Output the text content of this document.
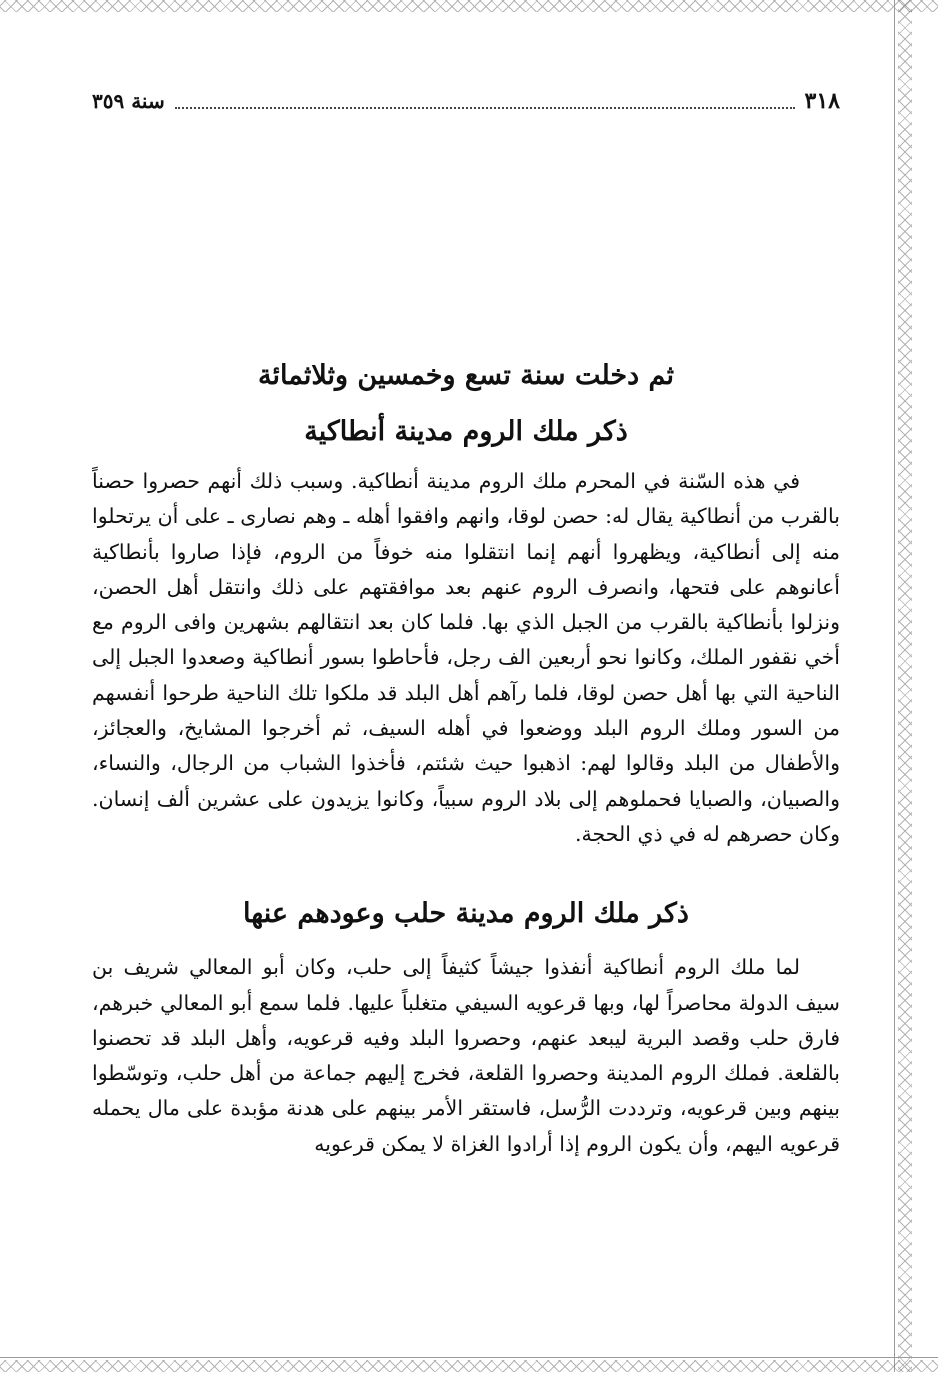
٣١٨
سنة ٣٥٩
ثم دخلت سنة تسع وخمسين وثلاثمائة
ذكر ملك الروم مدينة أنطاكية

في هذه السّنة في المحرم ملك الروم مدينة أنطاكية. وسبب ذلك أنهم حصروا حصناً بالقرب من أنطاكية يقال له: حصن لوقا، وانهم وافقوا أهله ـ وهم نصارى ـ على أن يرتحلوا منه إلى أنطاكية، ويظهروا أنهم إنما انتقلوا منه خوفاً من الروم، فإذا صاروا بأنطاكية أعانوهم على فتحها، وانصرف الروم عنهم بعد موافقتهم على ذلك وانتقل أهل الحصن، ونزلوا بأنطاكية بالقرب من الجبل الذي بها. فلما كان بعد انتقالهم بشهرين وافى الروم مع أخي نقفور الملك، وكانوا نحو أربعين الف رجل، فأحاطوا بسور أنطاكية وصعدوا الجبل إلى الناحية التي بها أهل حصن لوقا، فلما رآهم أهل البلد قد ملكوا تلك الناحية طرحوا أنفسهم من السور وملك الروم البلد ووضعوا في أهله السيف، ثم أخرجوا المشايخ، والعجائز، والأطفال من البلد وقالوا لهم: اذهبوا حيث شئتم، فأخذوا الشباب من الرجال، والنساء، والصبيان، والصبايا فحملوهم إلى بلاد الروم سبياً، وكانوا يزيدون على عشرين ألف إنسان. وكان حصرهم له في ذي الحجة.

ذكر ملك الروم مدينة حلب وعودهم عنها

لما ملك الروم أنطاكية أنفذوا جيشاً كثيفاً إلى حلب، وكان أبو المعالي شريف بن سيف الدولة محاصراً لها، وبها قرعويه السيفي متغلباً عليها. فلما سمع أبو المعالي خبرهم، فارق حلب وقصد البرية ليبعد عنهم، وحصروا البلد وفيه قرعويه، وأهل البلد قد تحصنوا بالقلعة. فملك الروم المدينة وحصروا القلعة، فخرج إليهم جماعة من أهل حلب، وتوسّطوا بينهم وبين قرعويه، وترددت الرُّسل، فاستقر الأمر بينهم على هدنة مؤبدة على مال يحمله قرعويه اليهم، وأن يكون الروم إذا أرادوا الغزاة لا يمكن قرعويه
